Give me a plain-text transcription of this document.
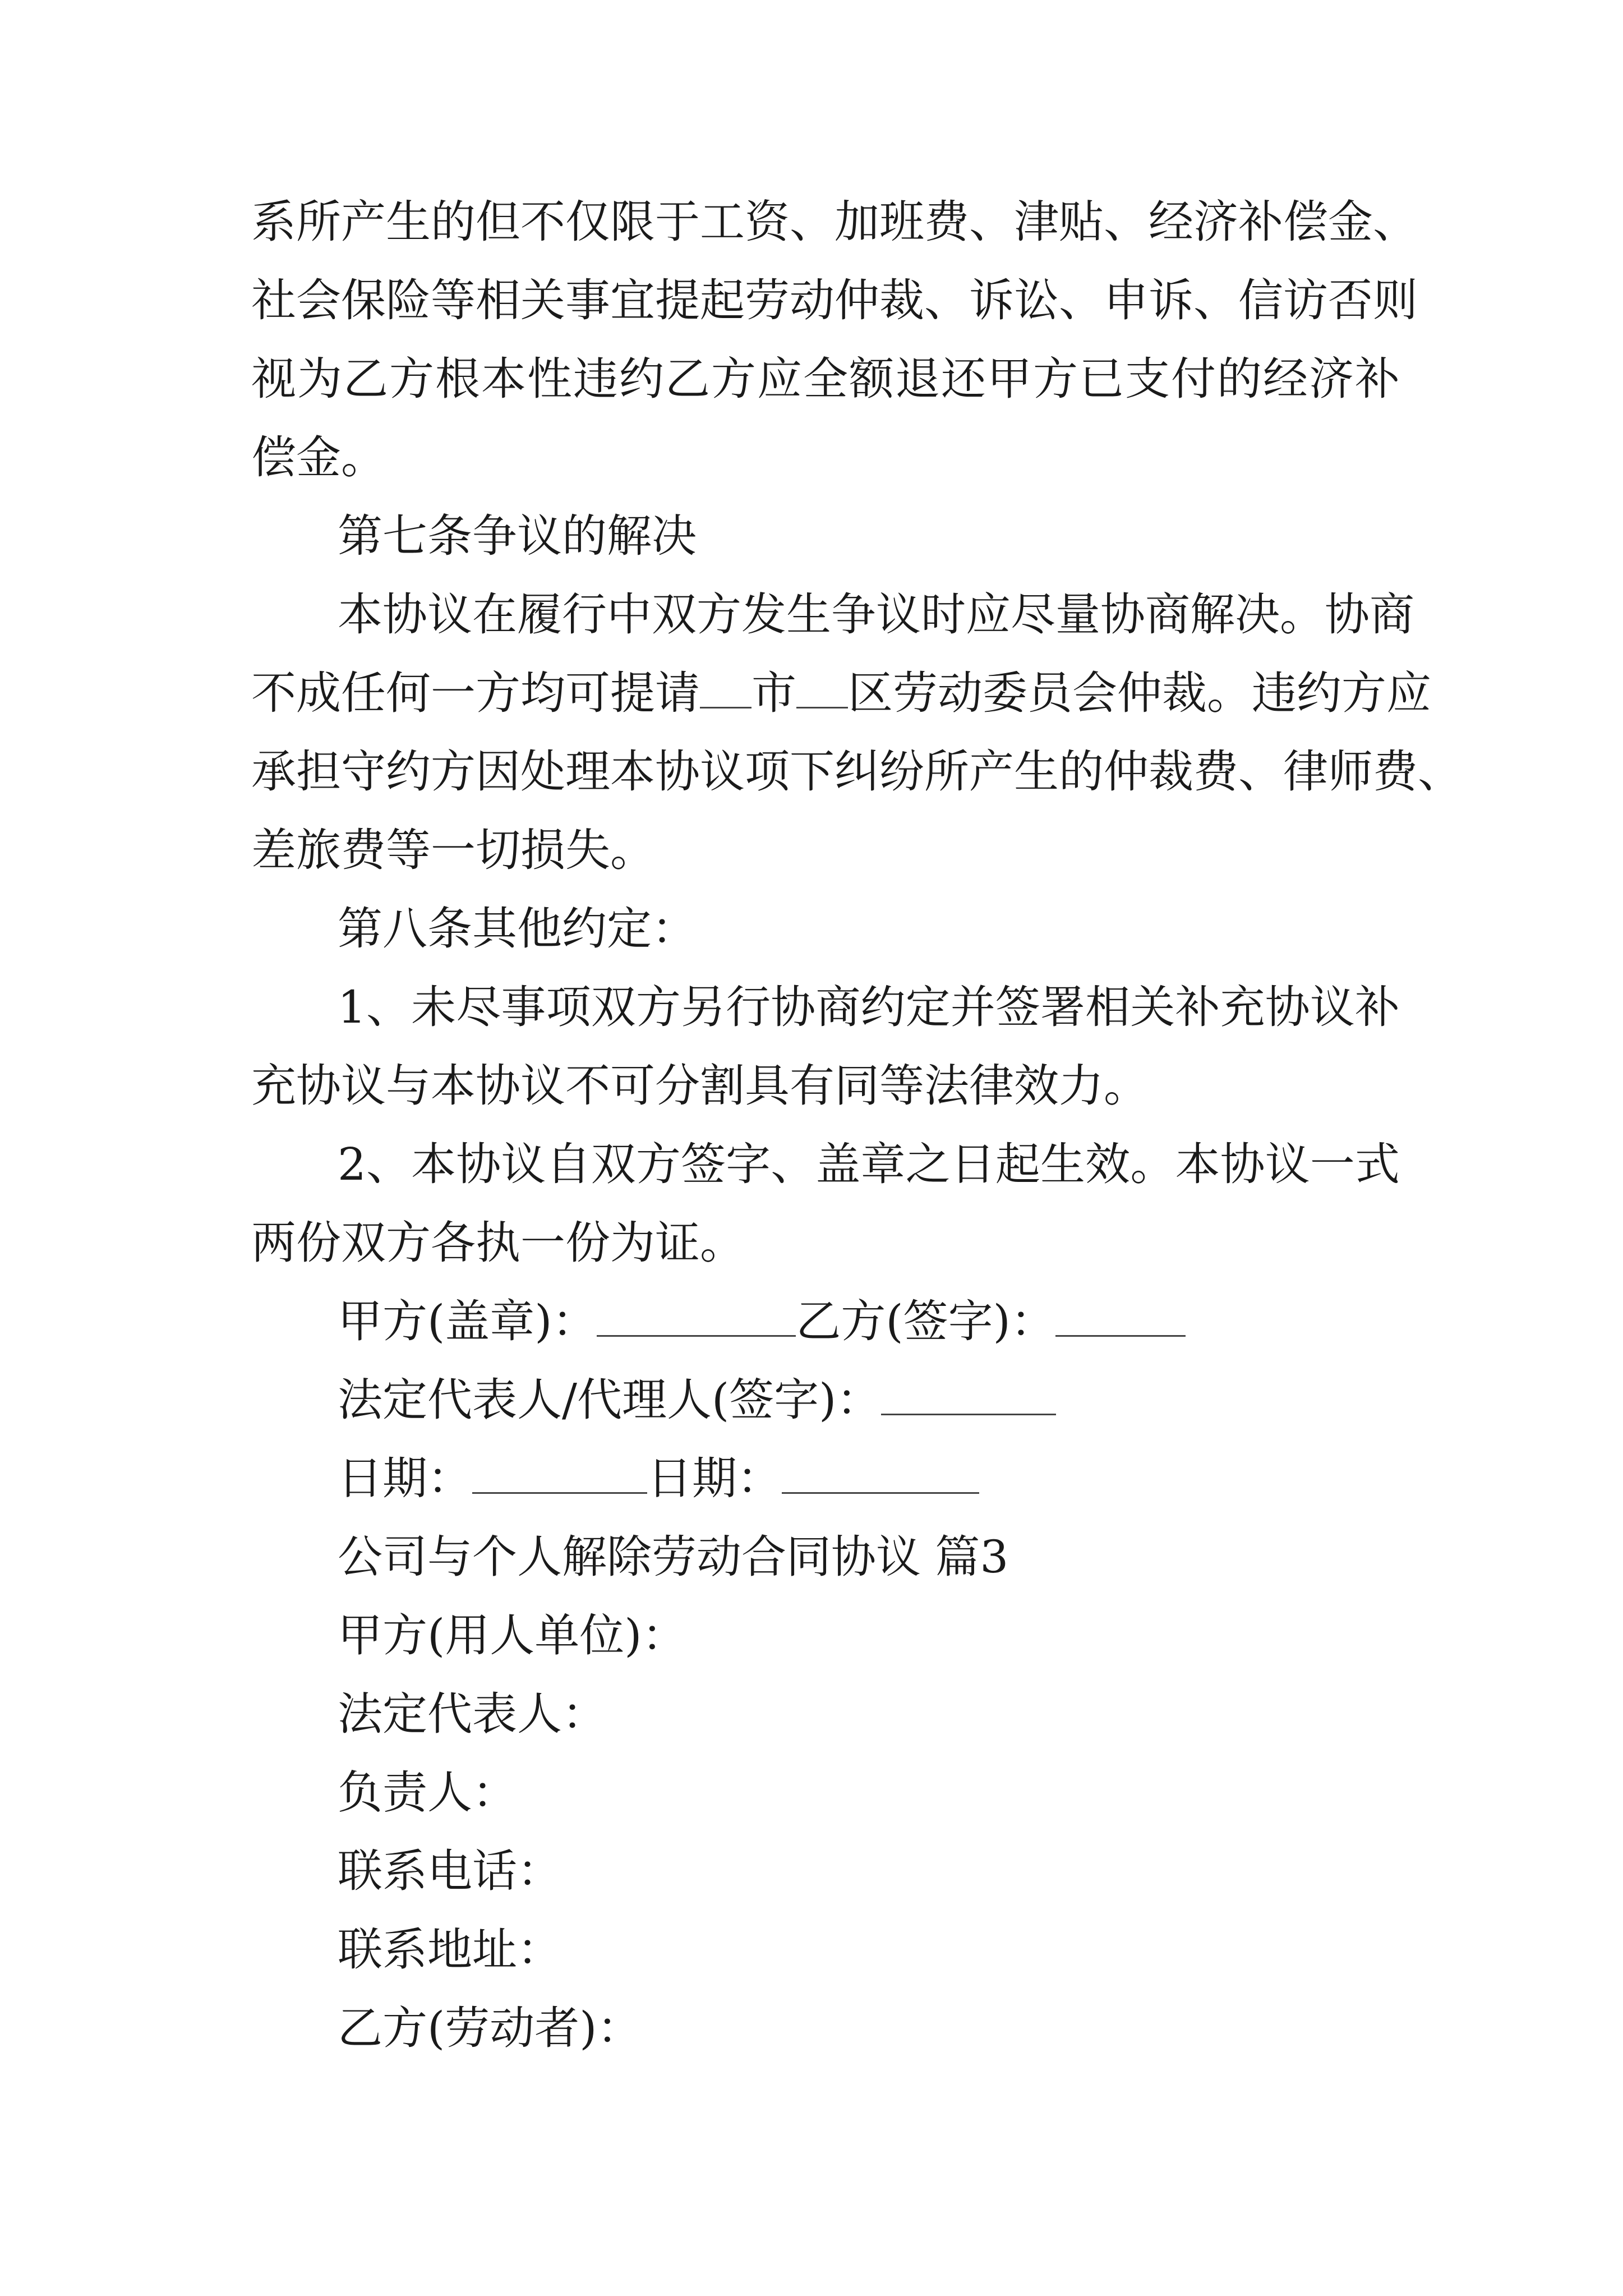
系所产生的但不仅限于工资、加班费、津贴、经济补偿金、
社会保险等相关事宜提起劳动仲裁、诉讼、申诉、信访否则
视为乙方根本性违约乙方应全额退还甲方已支付的经济补
偿金。
第七条争议的解决
本协议在履行中双方发生争议时应尽量协商解决。协商
不成任何一方均可提请 市 区劳动委员会仲裁。违约方应
承担守约方因处理本协议项下纠纷所产生的仲裁费、律师费、
差旅费等一切损失。
第八条其他约定：
1、未尽事项双方另行协商约定并签署相关补充协议补
充协议与本协议不可分割具有同等法律效力。
2、本协议自双方签字、盖章之日起生效。本协议一式
两份双方各执一份为证。
甲方(盖章)：	乙方(签字)：
法定代表人/代理人(签字)：
日期：	日期：
公司与个人解除劳动合同协议 篇3
甲方(用人单位)：
法定代表人：
负责人：
联系电话：
联系地址：
乙方(劳动者)：
